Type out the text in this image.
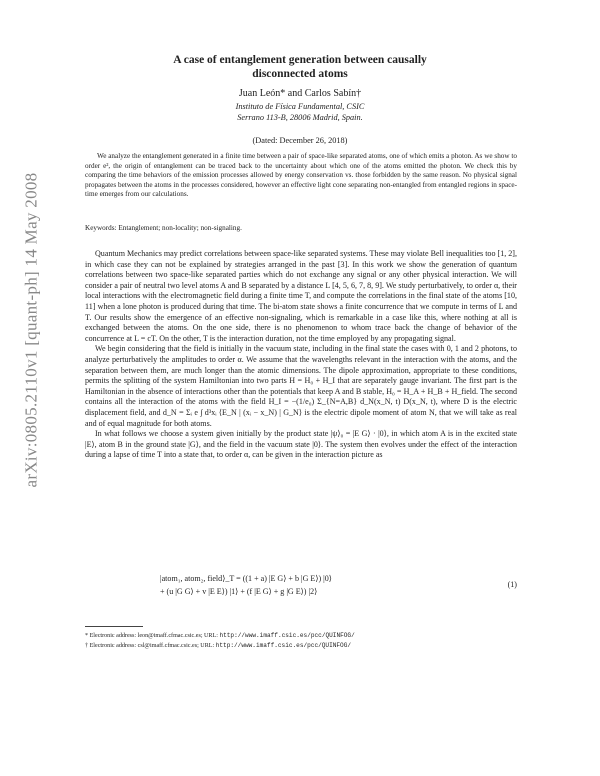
arXiv:0805.2110v1 [quant-ph] 14 May 2008
A case of entanglement generation between causally
disconnected atoms

Juan León* and Carlos Sabín†

Instituto de Física Fundamental, CSIC
Serrano 113-B, 28006 Madrid, Spain.
(Dated: December 26, 2018)

We analyze the entanglement generated in a finite time between a pair of space-like separated atoms, one of which emits a photon. As we show to order e², the origin of entanglement can be traced back to the uncertainty about which one of the atoms emitted the photon. We check this by comparing the time behaviors of the emission processes allowed by energy conservation vs. those forbidden by the same reason. No physical signal propagates between the atoms in the processes considered, however an effective light cone separating non-entangled from entangled regions in space-time emerges from our calculations.

Keywords: Entanglement; non-locality; non-signaling.

Quantum Mechanics may predict correlations between space-like separated systems. These may violate Bell inequalities too [1, 2], in which case they can not be explained by strategies arranged in the past [3]. In this work we show the generation of quantum correlations between two space-like separated parties which do not exchange any signal or any other physical interaction. We will consider a pair of neutral two level atoms A and B separated by a distance L [4, 5, 6, 7, 8, 9]. We study perturbatively, to order α, their local interactions with the electromagnetic field during a finite time T, and compute the correlations in the final state of the atoms [10, 11] when a lone photon is produced during that time. The bi-atom state shows a finite concurrence that we compute in terms of L and T. Our results show the emergence of an effective non-signaling, which is remarkable in a case like this, where nothing at all is exchanged between the atoms. On the one side, there is no phenomenon to whom trace back the change of behavior of the concurrence at L = cT. On the other, T is the interaction duration, not the time employed by any propagating signal.

We begin considering that the field is initially in the vacuum state, including in the final state the cases with 0, 1 and 2 photons, to analyze perturbatively the amplitudes to order α. We assume that the wavelengths relevant in the interaction with the atoms, and the separation between them, are much longer than the atomic dimensions. The dipole approximation, appropriate to these conditions, permits the splitting of the system Hamiltonian into two parts H = H₀ + H_I that are separately gauge invariant. The first part is the Hamiltonian in the absence of interactions other than the potentials that keep A and B stable, H₀ = H_A + H_B + H_field. The second contains all the interaction of the atoms with the field H_I = −(1/e₀) Σ_{N=A,B} d_N(x_N, t) D(x_N, t), where D is the electric displacement field, and d_N = Σᵢ e ∫ d³xᵢ ⟨E_N | (xᵢ − x_N) | G_N⟩ is the electric dipole moment of atom N, that we will take as real and of equal magnitude for both atoms.

In what follows we choose a system given initially by the product state |ψ⟩₀ = |E G⟩ · |0⟩, in which atom A is in the excited state |E⟩, atom B in the ground state |G⟩, and the field in the vacuum state |0⟩. The system then evolves under the effect of the interaction during a lapse of time T into a state that, to order α, can be given in the interaction picture as

|atom₁, atom₂, field⟩_T = ((1 + a) |E G⟩ + b |G E⟩) |0⟩
+ (u |G G⟩ + v |E E⟩) |1⟩ + (f |E G⟩ + g |G E⟩) |2⟩
(1)
* Electronic address: leon@imaff.cfmac.csic.es; URL: http://www.imaff.csic.es/pcc/QUINFOG/
† Electronic address: csl@imaff.cfmac.csic.es; URL: http://www.imaff.csic.es/pcc/QUINFOG/
